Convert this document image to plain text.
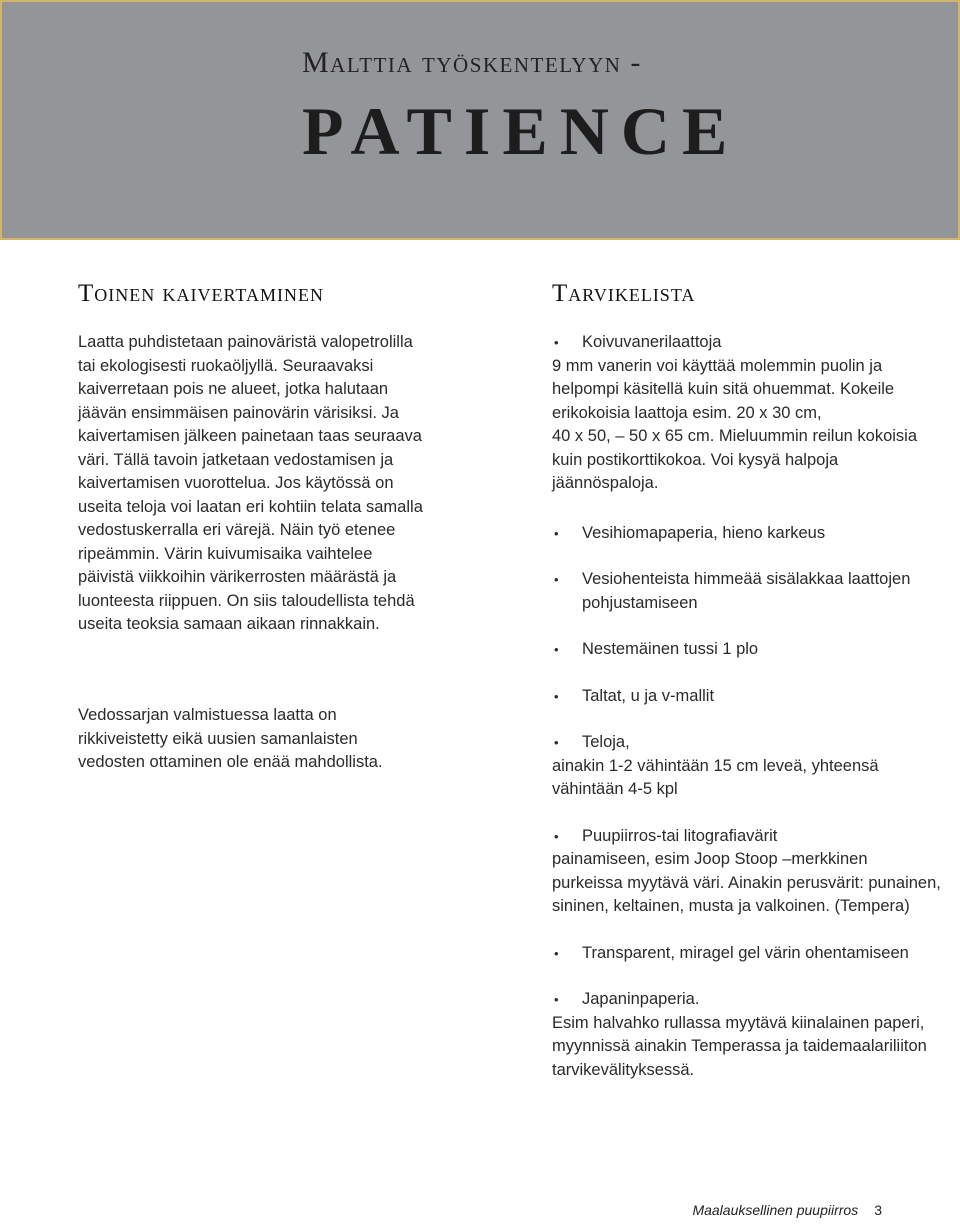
Malttia työskentelyyn -
PATIENCE
Toinen kaivertaminen
Laatta puhdistetaan painoväristä valopetrolilla tai ekologisesti ruokaöljyllä. Seuraavaksi kaiverretaan pois ne alueet, jotka halutaan jäävän ensimmäisen painovärin värisiksi. Ja kaivertamisen jälkeen painetaan taas seuraava väri. Tällä tavoin jatketaan vedostamisen ja kaivertamisen vuorottelua. Jos käytössä on useita teloja voi laatan eri kohtiin telata samalla vedostuskerralla eri värejä. Näin työ etenee ripeämmin. Värin kuivumisaika vaihtelee päivistä viikkoihin värikerrosten määrästä ja luonteesta riippuen. On siis taloudellista tehdä useita teoksia samaan aikaan rinnakkain.
Vedossarjan valmistuessa laatta on rikkiveistetty eikä uusien samanlaisten vedosten ottaminen ole enää mahdollista.
Tarvikelista
•	Koivuvanerilaattoja
9 mm vanerin voi käyttää molemmin puolin ja helpompi käsitellä kuin sitä ohuemmat. Kokeile erikokoisia laattoja esim. 20 x 30 cm,
40 x 50, – 50 x 65 cm. Mieluummin reilun kokoisia kuin postikorttikokoa. Voi kysyä halpoja jäännöspaloja.
•	Vesihiomapaperia, hieno karkeus
•	Vesiohenteista himmeää sisälakkaa laattojen pohjustamiseen
•	Nestemäinen tussi 1 plo
•	Taltat, u ja v-mallit
•	Teloja,
ainakin 1-2 vähintään 15 cm leveä, yhteensä vähintään 4-5 kpl
•	Puupiirros-tai litografiavärit
painamiseen, esim Joop Stoop –merkkinen purkeissa myytävä väri. Ainakin perusvärit: punainen, sininen, keltainen, musta ja valkoinen. (Tempera)
•	Transparent, miragel gel värin ohentamiseen
•	Japaninpaperia.
Esim halvahko rullassa myytävä kiinalainen paperi, myynnissä ainakin Temperassa ja taidemaalariliiton tarvikevälityksessä.
Maalauksellinen puupiirros 3
